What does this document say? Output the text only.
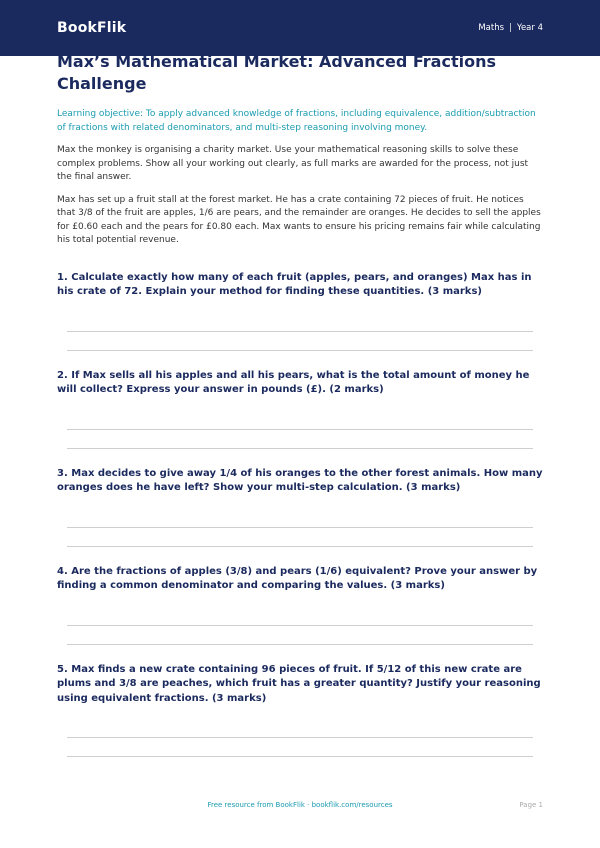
BookFlik	Maths | Year 4
Max’s Mathematical Market: Advanced Fractions Challenge
Learning objective: To apply advanced knowledge of fractions, including equivalence, addition/subtraction of fractions with related denominators, and multi-step reasoning involving money.
Max the monkey is organising a charity market. Use your mathematical reasoning skills to solve these complex problems. Show all your working out clearly, as full marks are awarded for the process, not just the final answer.
Max has set up a fruit stall at the forest market. He has a crate containing 72 pieces of fruit. He notices that 3/8 of the fruit are apples, 1/6 are pears, and the remainder are oranges. He decides to sell the apples for £0.60 each and the pears for £0.80 each. Max wants to ensure his pricing remains fair while calculating his total potential revenue.
1. Calculate exactly how many of each fruit (apples, pears, and oranges) Max has in his crate of 72. Explain your method for finding these quantities. (3 marks)
2. If Max sells all his apples and all his pears, what is the total amount of money he will collect? Express your answer in pounds (£). (2 marks)
3. Max decides to give away 1/4 of his oranges to the other forest animals. How many oranges does he have left? Show your multi-step calculation. (3 marks)
4. Are the fractions of apples (3/8) and pears (1/6) equivalent? Prove your answer by finding a common denominator and comparing the values. (3 marks)
5. Max finds a new crate containing 96 pieces of fruit. If 5/12 of this new crate are plums and 3/8 are peaches, which fruit has a greater quantity? Justify your reasoning using equivalent fractions. (3 marks)
Free resource from BookFlik · bookflik.com/resources	Page 1
